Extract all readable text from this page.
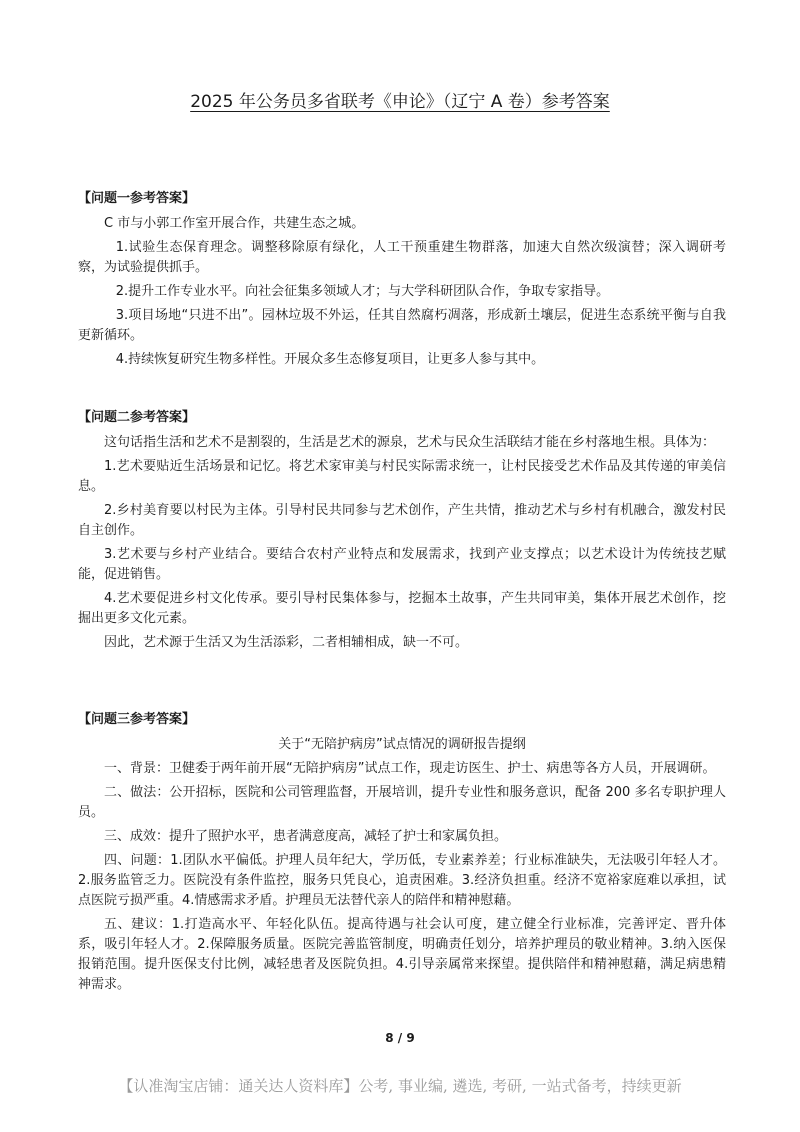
2025 年公务员多省联考《申论》（辽宁 A 卷）参考答案
【问题一参考答案】

C 市与小郭工作室开展合作，共建生态之城。

1.试验生态保育理念。调整移除原有绿化，人工干预重建生物群落，加速大自然次级演替；深入调研考察，为试验提供抓手。

2.提升工作专业水平。向社会征集多领域人才；与大学科研团队合作，争取专家指导。

3.项目场地“只进不出”。园林垃圾不外运，任其自然腐朽凋落，形成新土壤层，促进生态系统平衡与自我更新循环。

4.持续恢复研究生物多样性。开展众多生态修复项目，让更多人参与其中。

【问题二参考答案】

这句话指生活和艺术不是割裂的，生活是艺术的源泉，艺术与民众生活联结才能在乡村落地生根。具体为：

1.艺术要贴近生活场景和记忆。将艺术家审美与村民实际需求统一，让村民接受艺术作品及其传递的审美信息。

2.乡村美育要以村民为主体。引导村民共同参与艺术创作，产生共情，推动艺术与乡村有机融合，激发村民自主创作。

3.艺术要与乡村产业结合。要结合农村产业特点和发展需求，找到产业支撑点；以艺术设计为传统技艺赋能，促进销售。

4.艺术要促进乡村文化传承。要引导村民集体参与，挖掘本土故事，产生共同审美，集体开展艺术创作，挖掘出更多文化元素。

因此，艺术源于生活又为生活添彩，二者相辅相成，缺一不可。

【问题三参考答案】

关于“无陪护病房”试点情况的调研报告提纲

一、背景：卫健委于两年前开展“无陪护病房”试点工作，现走访医生、护士、病患等各方人员，开展调研。

二、做法：公开招标，医院和公司管理监督，开展培训，提升专业性和服务意识，配备 200 多名专职护理人员。

三、成效：提升了照护水平，患者满意度高，减轻了护士和家属负担。

四、问题：1.团队水平偏低。护理人员年纪大，学历低，专业素养差；行业标准缺失，无法吸引年轻人才。2.服务监管乏力。医院没有条件监控，服务只凭良心，追责困难。3.经济负担重。经济不宽裕家庭难以承担，试点医院亏损严重。4.情感需求矛盾。护理员无法替代亲人的陪伴和精神慰藉。

五、建议：1.打造高水平、年轻化队伍。提高待遇与社会认可度，建立健全行业标准，完善评定、晋升体系，吸引年轻人才。2.保障服务质量。医院完善监管制度，明确责任划分，培养护理员的敬业精神。3.纳入医保报销范围。提升医保支付比例，减轻患者及医院负担。4.引导亲属常来探望。提供陪伴和精神慰藉，满足病患精神需求。

8 / 9
【认准淘宝店铺：通关达人资料库】公考, 事业编, 遴选, 考研, 一站式备考，持续更新
